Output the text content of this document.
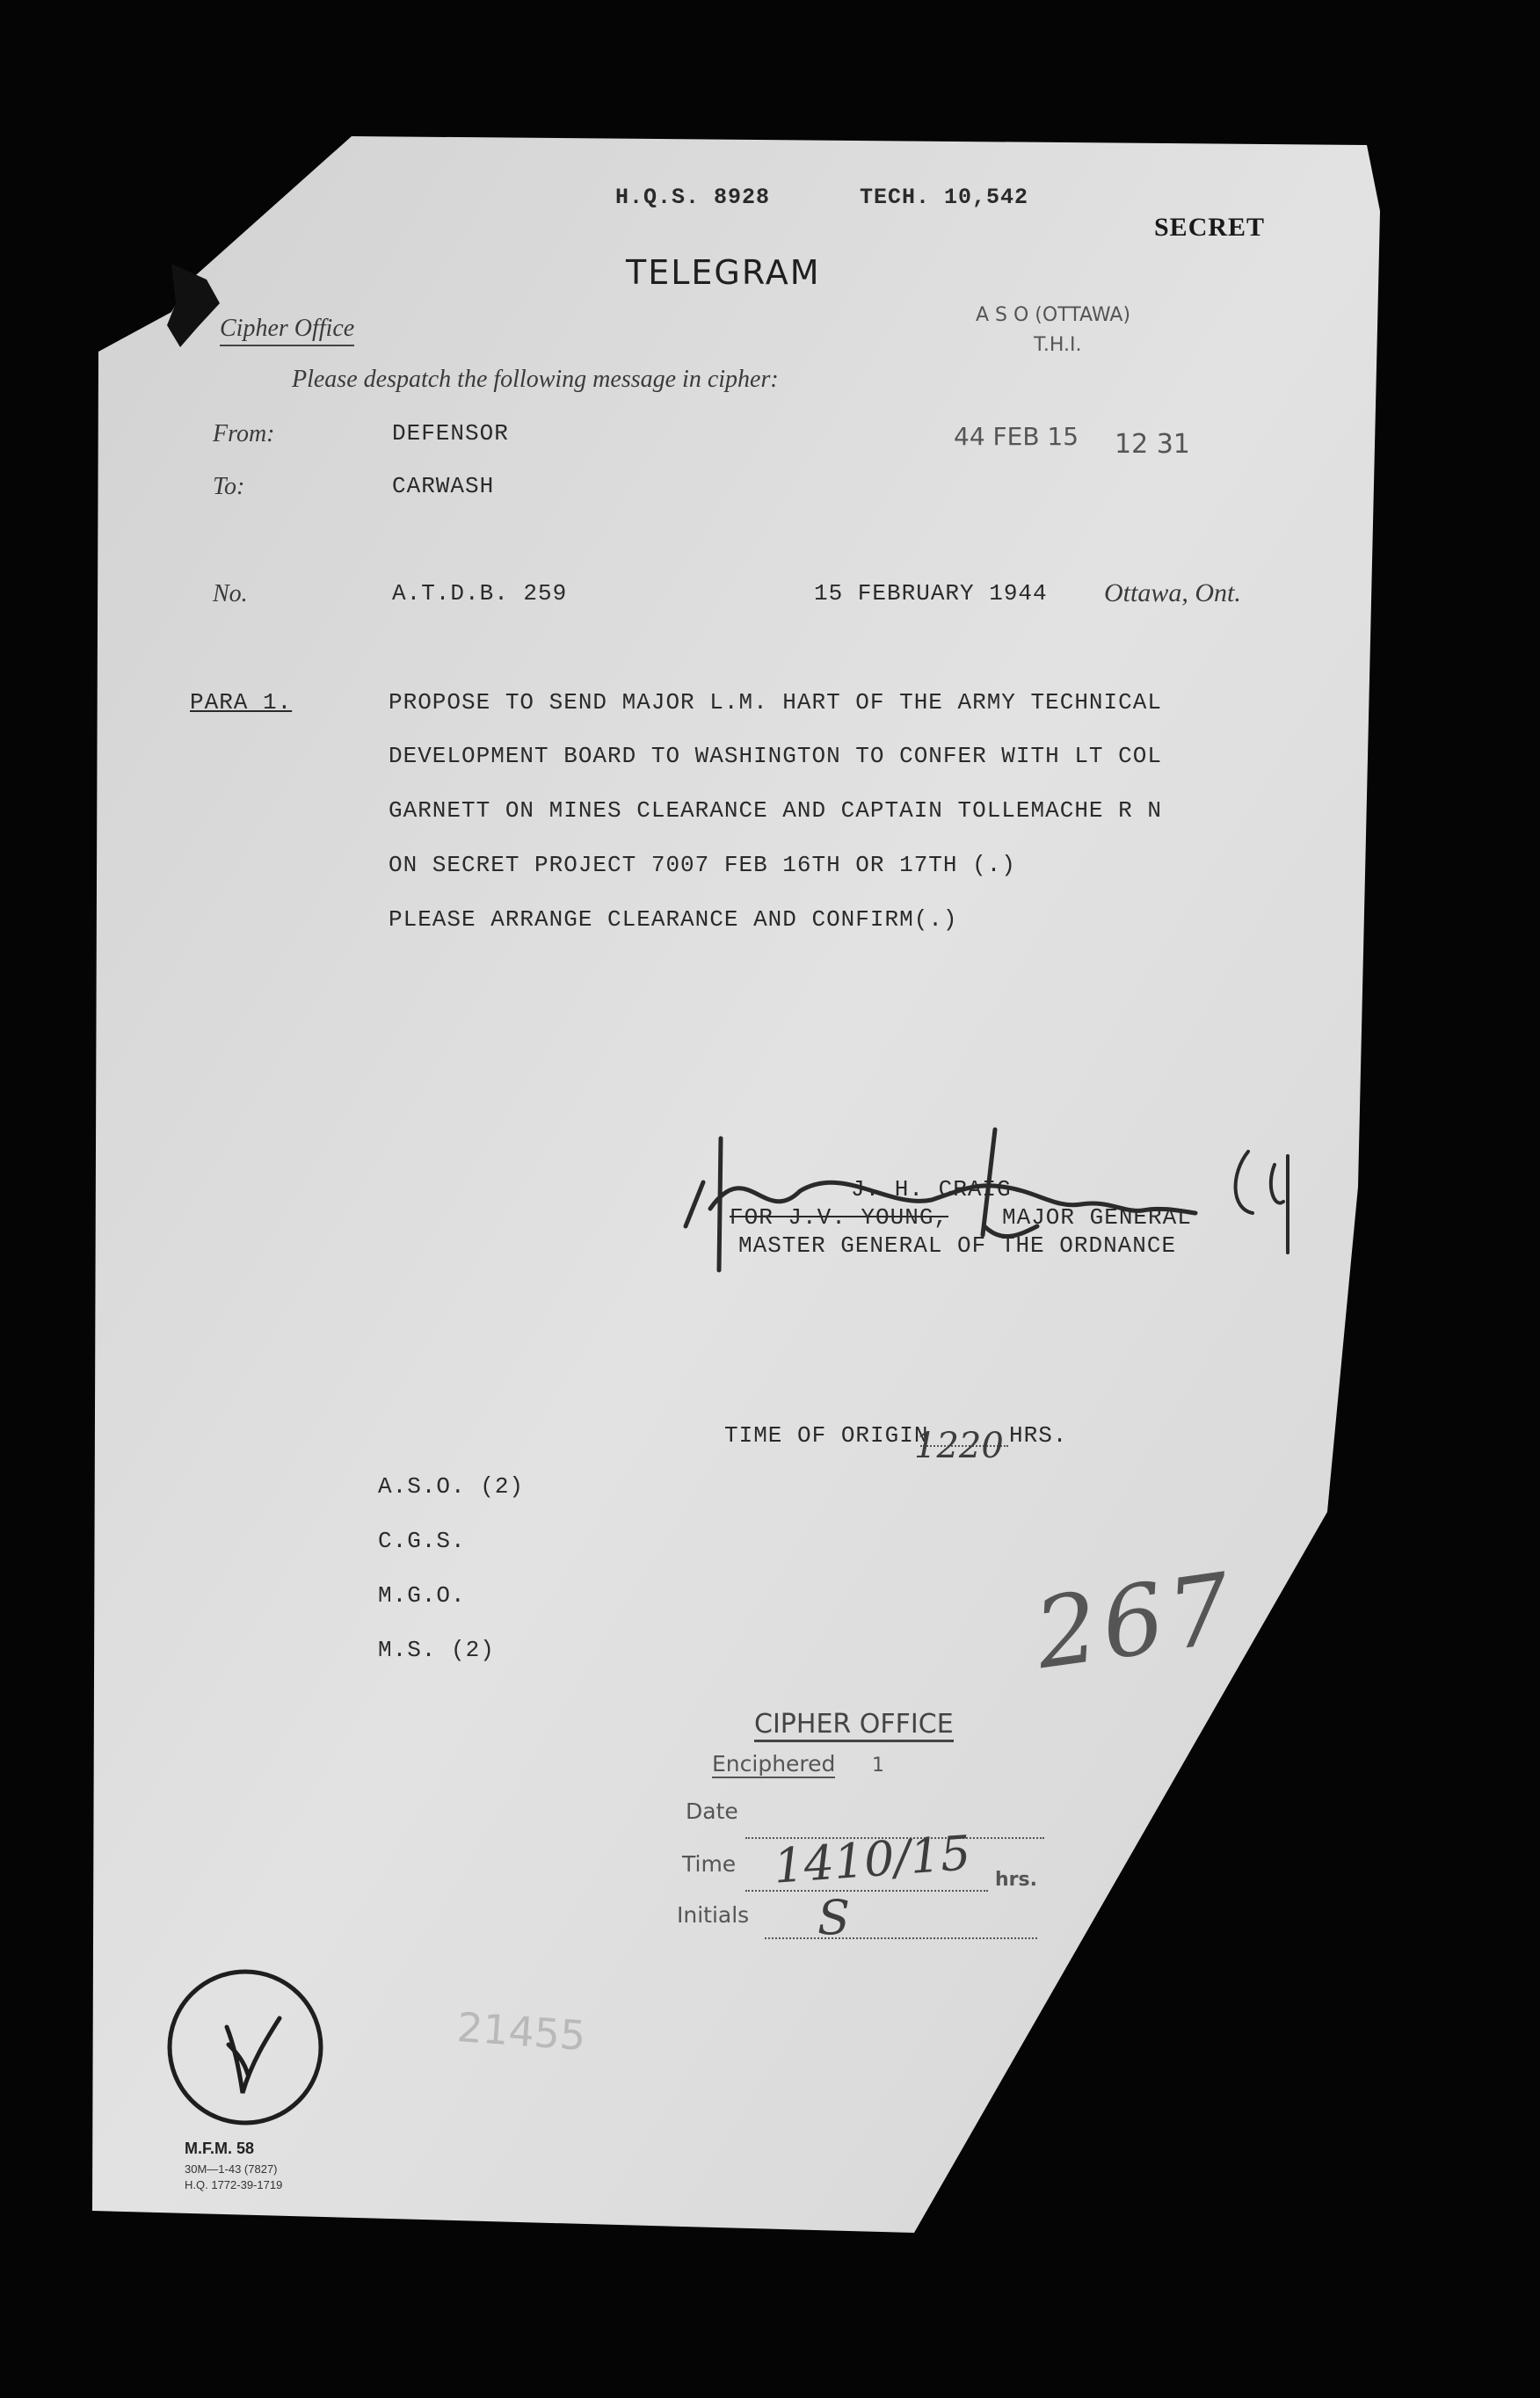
H.Q.S. 8928	TECH. 10,542
SECRET
TELEGRAM
Cipher Office	A S O (OTTAWA)
T.H.I.
Please despatch the following message in cipher:
From:	DEFENSOR	44 FEB 15 12 31
To:	CARWASH
No.	A.T.D.B. 259	15 FEBRUARY 1944 Ottawa, Ont.
PARA 1.	PROPOSE TO SEND MAJOR L.M. HART OF THE ARMY TECHNICAL
DEVELOPMENT BOARD TO WASHINGTON TO CONFER WITH LT COL
GARNETT ON MINES CLEARANCE AND CAPTAIN TOLLEMACHE R N
ON SECRET PROJECT 7007 FEB 16TH OR 17TH (.)
PLEASE ARRANGE CLEARANCE AND CONFIRM(.)
J. H. CRAIG
FOR J.V. YOUNG, MAJOR GENERAL
MASTER GENERAL OF THE ORDNANCE
TIME OF ORIGIN
1220 HRS.
A.S.O. (2)
C.G.S.
M.G.O.
M.S. (2)	267
CIPHER OFFICE
Enciphered 1
Date
Time 1410/15 hrs.
Initials S
21455
M.F.M. 58
30M—1-43 (7827)
H.Q. 1772-39-1719
